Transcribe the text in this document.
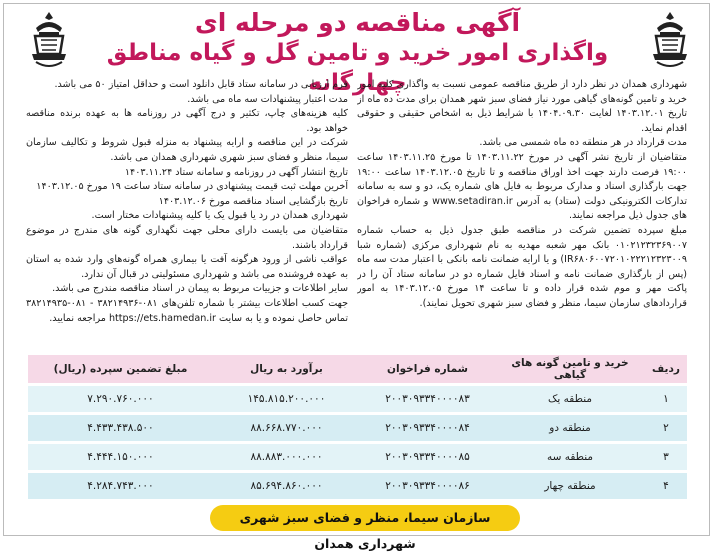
آگهی مناقصه دو مرحله ای
واگذاری امور خرید و تامین گل و گیاه مناطق چهارگانه

شهرداری همدان در نظر دارد از طریق مناقصه عمومی نسبت به واگذاری کلیه امور خرید و تامین گونه‌های گیاهی مورد نیاز فضای سبز شهر همدان برای مدت ده ماه از تاریخ ۱۴۰۳.۱۲.۰۱ لغایت ۱۴۰۴.۰۹.۳۰ با شرایط ذیل به اشخاص حقیقی و حقوقی اقدام نماید.

مدت قرارداد در هر منطقه ده ماه شمسی می باشد.

متقاضیان از تاریخ نشر آگهی در مورخ ۱۴۰۳.۱۱.۲۲ تا مورخ ۱۴۰۳.۱۱.۲۵ ساعت ۱۹:۰۰ فرصت دارند جهت اخذ اوراق مناقصه و تا تاریخ ۱۴۰۳.۱۲.۰۵ ساعت ۱۹:۰۰ جهت بارگذاری اسناد و مدارک مربوط به فایل های شماره یک، دو و سه به سامانه تدارکات الکترونیکی دولت (ستاد) به آدرس www.setadiran.ir و شماره فراخوان های جدول ذیل مراجعه نمایند.

مبلغ سپرده تضمین شرکت در مناقصه طبق جدول ذیل به حساب شماره ۰۱۰۲۱۲۳۲۳۶۹۰۰۷ بانک مهر شعبه مهدیه به نام شهرداری مرکزی (شماره شبا IR۶۸۰۶۰۰۷۲۰۱۰۲۲۲۱۲۳۲۳۰۰۹) و یا ارایه ضمانت نامه بانکی با اعتبار مدت سه ماه (پس از بارگذاری ضمانت نامه و اسناد فایل شماره دو در سامانه ستاد آن را در پاکت مهر و موم شده قرار داده و تا ساعت ۱۴ مورخ ۱۴۰۳.۱۲.۰۵ به امور قراردادهای سازمان سیما، منظر و فضای سبز شهری تحویل نمایند).

فرم ارزیابی در سامانه ستاد قابل دانلود است و حداقل امتیاز ۵۰ می باشد.

مدت اعتبار پیشنهادات سه ماه می باشد.

کلیه هزینه‌های چاپ، تکثیر و درج آگهی در روزنامه ها به عهده برنده مناقصه خواهد بود.

شرکت در این مناقصه و ارایه پیشنهاد به منزله قبول شروط و تکالیف سازمان سیما، منظر و فضای سبز شهری شهرداری همدان می باشد.

تاریخ انتشار آگهی در روزنامه و سامانه ستاد ۱۴۰۳.۱۱.۲۴

آخرین مهلت ثبت قیمت پیشنهادی در سامانه ستاد ساعت ۱۹ مورخ ۱۴۰۳.۱۲.۰۵

تاریخ بازگشایی اسناد مناقصه مورخ ۱۴۰۳.۱۲.۰۶

شهرداری همدان در رد یا قبول یک یا کلیه پیشنهادات مختار است.

متقاضیان می بایست دارای محلی جهت نگهداری گونه های مندرج در موضوع قرارداد باشند.

عواقب ناشی از ورود هرگونه آفت یا بیماری همراه گونه‌های وارد شده به استان به عهده فروشنده می باشد و شهرداری مسئولیتی در قبال آن ندارد.

سایر اطلاعات و جزییات مربوط به پیمان در اسناد مناقصه مندرج می باشد.

جهت کسب اطلاعات بیشتر با شماره تلفن‌های ۰۸۱-۳۸۲۱۴۹۳۶ - ۰۸۱-۳۸۲۱۴۹۳۵ تماس حاصل نموده و یا به سایت https://ets.hamedan.ir مراجعه نمایید.

ردیف	خرید و تامین گونه های گیاهی	شماره فراخوان	برآورد به ریال	مبلغ تضمین سپرده (ریال)
۱	منطقه یک	۲۰۰۳۰۹۳۳۴۰۰۰۰۸۳	۱۴۵.۸۱۵.۲۰۰.۰۰۰	۷.۲۹۰.۷۶۰.۰۰۰
۲	منطقه دو	۲۰۰۳۰۹۳۳۴۰۰۰۰۸۴	۸۸.۶۶۸.۷۷۰.۰۰۰	۴.۴۳۳.۴۳۸.۵۰۰
۳	منطقه سه	۲۰۰۳۰۹۳۳۴۰۰۰۰۸۵	۸۸.۸۸۳.۰۰۰.۰۰۰	۴.۴۴۴.۱۵۰.۰۰۰
۴	منطقه چهار	۲۰۰۳۰۹۳۳۴۰۰۰۰۸۶	۸۵.۶۹۴.۸۶۰.۰۰۰	۴.۲۸۴.۷۴۳.۰۰۰
سازمان سیما، منظر و فضای سبز شهری شهرداری همدان
